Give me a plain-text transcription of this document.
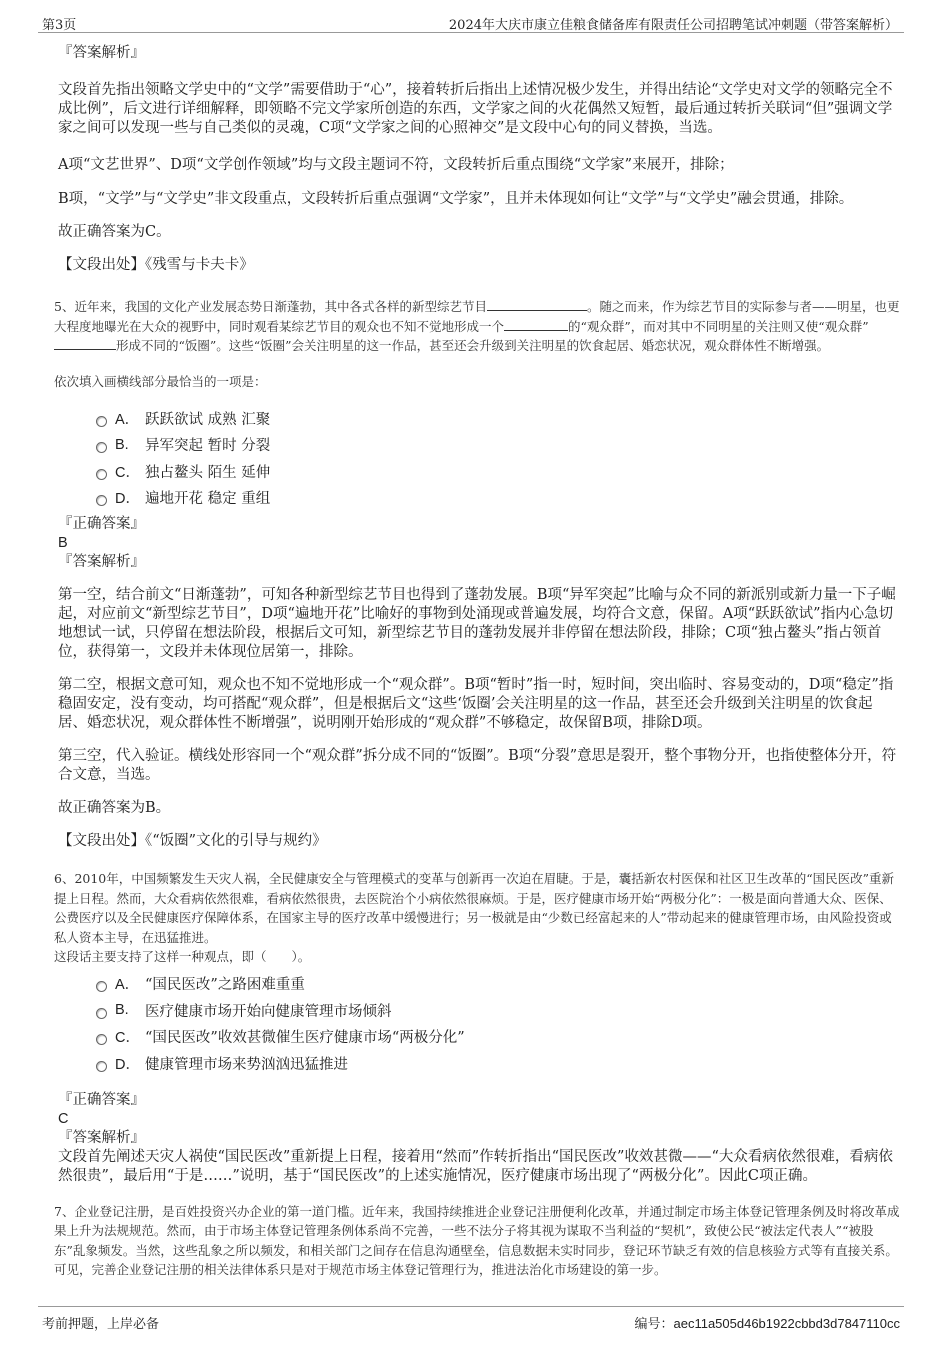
第3页	2024年大庆市康立佳粮食储备库有限责任公司招聘笔试冲刺题（带答案解析）

『答案解析』

文段首先指出领略文学史中的“文学”需要借助于“心”，接着转折后指出上述情况极少发生，并得出结论“文学史对文学的领略完全不成比例”，后文进行详细解释，即领略不完文学家所创造的东西，文学家之间的火花偶然又短暂，最后通过转折关联词“但”强调文学家之间可以发现一些与自己类似的灵魂，C项“文学家之间的心照神交”是文段中心句的同义替换，当选。

A项“文艺世界”、D项“文学创作领域”均与文段主题词不符，文段转折后重点围绕“文学家”来展开，排除；

B项，“文学”与“文学史”非文段重点，文段转折后重点强调“文学家”，且并未体现如何让“文学”与“文学史”融会贯通，排除。

故正确答案为C。

【文段出处】《残雪与卡夫卡》

5、近年来，我国的文化产业发展态势日渐蓬勃，其中各式各样的新型综艺节目	。随之而来，作为综艺节目的实际参与者——明星，也更大程度地曝光在大众的视野中，同时观看某综艺节目的观众也不知不觉地形成一个	的“观众群”，而对其中不同明星的关注则又使“观众群”形成不同的“饭圈”。这些“饭圈”会关注明星的这一作品，甚至还会升级到关注明星的饮食起居、婚恋状况，观众群体性不断增强。
依次填入画横线部分最恰当的一项是：
A． 跃跃欲试 成熟 汇聚
B.	异军突起 暂时 分裂
C． 独占鳌头 陌生 延伸
D． 遍地开花 稳定 重组

『正确答案』

B

『答案解析』

第一空，结合前文“日渐蓬勃”，可知各种新型综艺节目也得到了蓬勃发展。B项“异军突起”比喻与众不同的新派别或新力量一下子崛起，对应前文“新型综艺节目”，D项“遍地开花”比喻好的事物到处涌现或普遍发展，均符合文意，保留。A项“跃跃欲试”指内心急切地想试一试，只停留在想法阶段，根据后文可知，新型综艺节目的蓬勃发展并非停留在想法阶段，排除；C项“独占鳌头”指占领首位，获得第一，文段并未体现位居第一，排除。

第二空，根据文意可知，观众也不知不觉地形成一个“观众群”。B项“暂时”指一时，短时间，突出临时、容易变动的，D项“稳定”指稳固安定，没有变动，均可搭配“观众群”，但是根据后文“这些‘饭圈’会关注明星的这一作品，甚至还会升级到关注明星的饮食起居、婚恋状况，观众群体性不断增强”，说明刚开始形成的“观众群”不够稳定，故保留B项，排除D项。

第三空，代入验证。横线处形容同一个“观众群”拆分成不同的“饭圈”。B项“分裂”意思是裂开，整个事物分开，也指使整体分开，符合文意，当选。

故正确答案为B。

【文段出处】《“饭圈”文化的引导与规约》

6、2010年，中国频繁发生天灾人祸，全民健康安全与管理模式的变革与创新再一次迫在眉睫。于是，囊括新农村医保和社区卫生改革的“国民医改”重新提上日程。然而，大众看病依然很难，看病依然很贵，去医院治个小病依然很麻烦。于是，医疗健康市场开始“两极分化”：一极是面向普通大众、医保、公费医疗以及全民健康医疗保障体系，在国家主导的医疗改革中缓慢进行；另一极就是由“少数已经富起来的人”带动起来的健康管理市场，由风险投资或私人资本主导，在迅猛推进。
这段话主要支持了这样一种观点，即（　　）。
A． “国民医改”之路困难重重
B.	医疗健康市场开始向健康管理市场倾斜
C． “国民医改”收效甚微催生医疗健康市场“两极分化”
D． 健康管理市场来势汹汹迅猛推进

『正确答案』

C

『答案解析』

文段首先阐述天灾人祸使“国民医改”重新提上日程，接着用“然而”作转折指出“国民医改”收效甚微——“大众看病依然很难，看病依然很贵”，最后用“于是……”说明，基于“国民医改”的上述实施情况，医疗健康市场出现了“两极分化”。因此C项正确。

7、企业登记注册，是百姓投资兴办企业的第一道门槛。近年来，我国持续推进企业登记注册便利化改革，并通过制定市场主体登记管理条例及时将改革成果上升为法规规范。然而，由于市场主体登记管理条例体系尚不完善，一些不法分子将其视为谋取不当利益的“契机”，致使公民“被法定代表人”“被股东”乱象频发。当然，这些乱象之所以频发，和相关部门之间存在信息沟通壁垒，信息数据未实时同步，登记环节缺乏有效的信息核验方式等有直接关系。可见，完善企业登记注册的相关法律体系只是对于规范市场主体登记管理行为，推进法治化市场建设的第一步。
考前押题，上岸必备	编号：aec11a505d46b1922cbbd3d7847110cc
